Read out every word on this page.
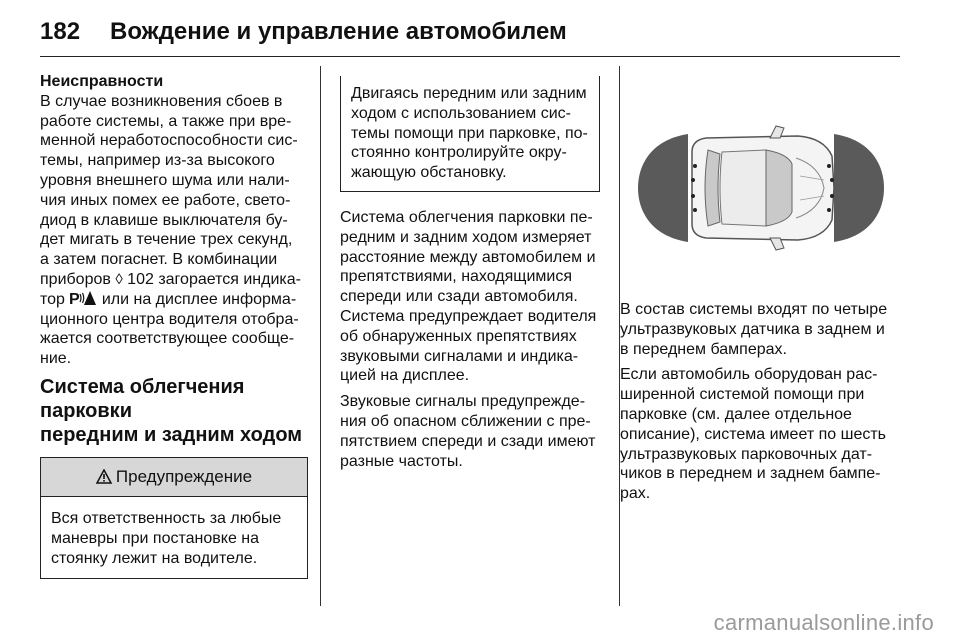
182 Вождение и управление автомобилем

Неисправности

В случае возникновения сбоев в
работе системы, а также при вре-
менной неработоспособности сис-
темы, например из-за высокого
уровня внешнего шума или нали-
чия иных помех ее работе, свето-
диод в клавише выключателя бу-
дет мигать в течение трех секунд,
а затем погаснет. В комбинации
приборов ◊ 102 загорается индика-
тор P или на дисплее информа-
ционного центра водителя отобра-
жается соответствующее сообще-
ние.

Система облегчения парковки
передним и задним ходом
Предупреждение
Вся ответственность за любые
маневры при постановке на
стоянку лежит на водителе.
Двигаясь передним или задним
ходом с использованием сис-
темы помощи при парковке, по-
стоянно контролируйте окру-
жающую обстановку.

Система облегчения парковки пе-
редним и задним ходом измеряет
расстояние между автомобилем и
препятствиями, находящимися
спереди или сзади автомобиля.
Система предупреждает водителя
об обнаруженных препятствиях
звуковыми сигналами и индика-
цией на дисплее.

Звуковые сигналы предупрежде-
ния об опасном сближении с пре-
пятствием спереди и сзади имеют
разные частоты.

В состав системы входят по четыре
ультразвуковых датчика в заднем и
в переднем бамперах.

Если автомобиль оборудован рас-
ширенной системой помощи при
парковке (см. далее отдельное
описание), система имеет по шесть
ультразвуковых парковочных дат-
чиков в переднем и заднем бампе-
рах.

carmanualsonline.info
